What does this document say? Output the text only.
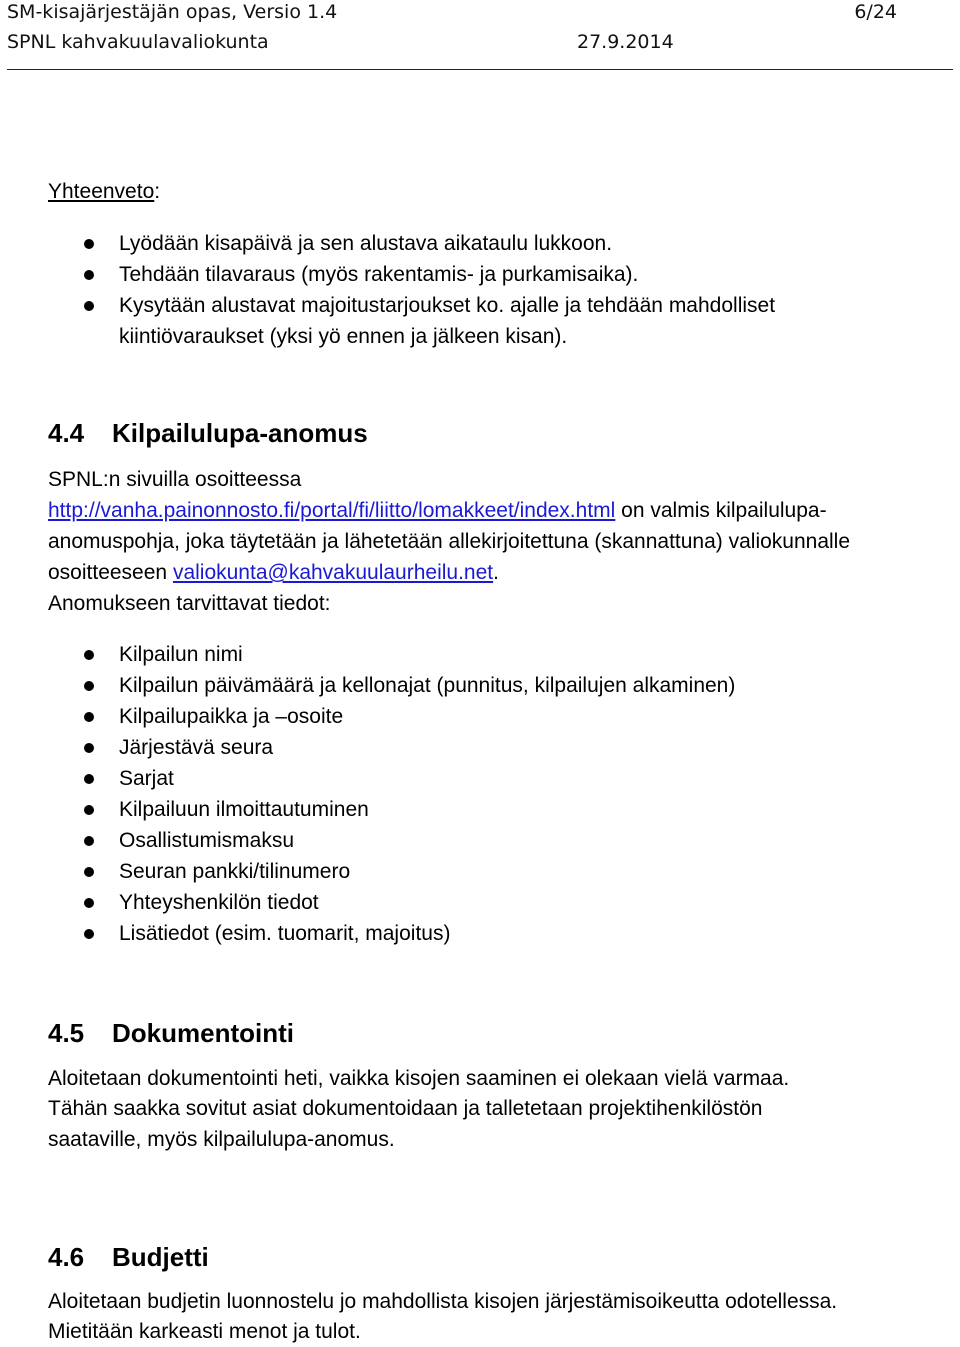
SM-kisajärjestäjän opas, Versio 1.4	6/24
SPNL kahvakuulavaliokunta	27.9.2014
Yhteenveto:
Lyödään kisapäivä ja sen alustava aikataulu lukkoon.
Tehdään tilavaraus (myös rakentamis- ja purkamisaika).
Kysytään alustavat majoitustarjoukset ko. ajalle ja tehdään mahdolliset
kiintiövaraukset (yksi yö ennen ja jälkeen kisan).
4.4 Kilpailulupa-anomus
SPNL:n sivuilla osoitteessa
http://vanha.painonnosto.fi/portal/fi/liitto/lomakkeet/index.html on valmis kilpailulupa-
anomuspohja, joka täytetään ja lähetetään allekirjoitettuna (skannattuna) valiokunnalle
osoitteeseen valiokunta@kahvakuulaurheilu.net.
Anomukseen tarvittavat tiedot:
Kilpailun nimi
Kilpailun päivämäärä ja kellonajat (punnitus, kilpailujen alkaminen)
Kilpailupaikka ja –osoite
Järjestävä seura
Sarjat
Kilpailuun ilmoittautuminen
Osallistumismaksu
Seuran pankki/tilinumero
Yhteyshenkilön tiedot
Lisätiedot (esim. tuomarit, majoitus)
4.5 Dokumentointi
Aloitetaan dokumentointi heti, vaikka kisojen saaminen ei olekaan vielä varmaa.
Tähän saakka sovitut asiat dokumentoidaan ja talletetaan projektihenkilöstön
saataville, myös kilpailulupa-anomus.
4.6 Budjetti
Aloitetaan budjetin luonnostelu jo mahdollista kisojen järjestämisoikeutta odotellessa.
Mietitään karkeasti menot ja tulot.
